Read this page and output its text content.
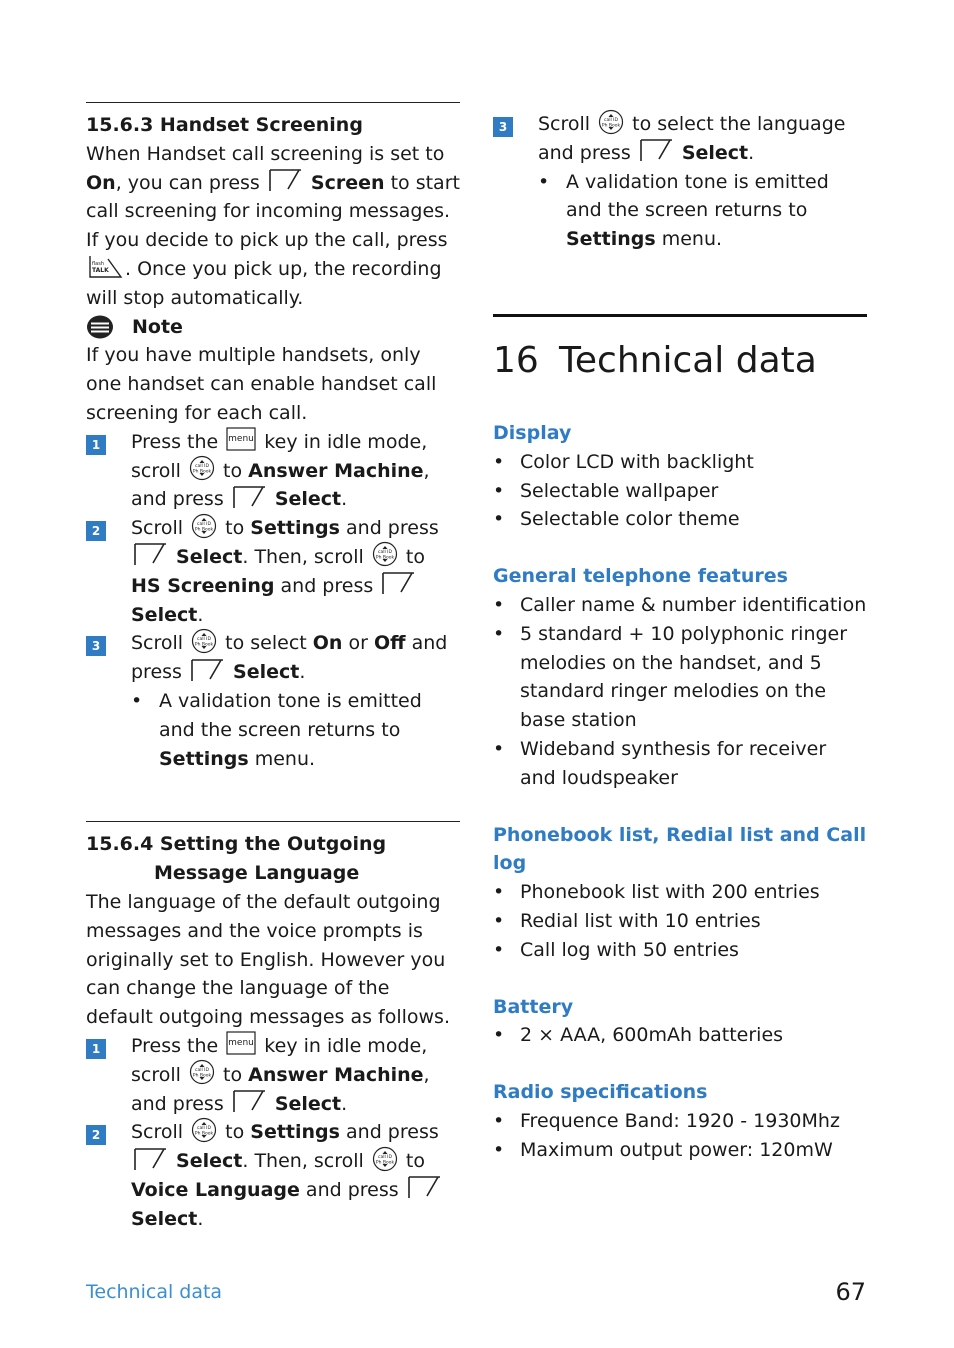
15.6.3 Handset Screening

When Handset call screening is set to On, you can press  Screen to start call screening for incoming messages. If you decide to pick up the call, press
flash
TALK . Once you pick up, the recording will stop automatically.

Note

If you have multiple handsets, only one handset can enable handset call screening for each call.

1	Press the menu key in idle mode, scroll call ID
Ph Book to Answer Machine, and press  Select.
2	Scroll call ID
Ph Book to Settings and press
Select. Then, scroll call ID
Ph Book to HS Screening and press  Select.
3	Scroll call ID
Ph Book to select On or Off and press  Select.
• A validation tone is emitted and the screen returns to Settings menu.

15.6.4 Setting the Outgoing
Message Language

The language of the default outgoing messages and the voice prompts is originally set to English. However you can change the language of the default outgoing messages as follows.

1	Press the menu key in idle mode, scroll call ID
Ph Book to Answer Machine, and press  Select.
2	Scroll call ID
Ph Book to Settings and press
Select. Then, scroll call ID
Ph Book to
Voice Language and press
Select.
3	Scroll call ID
Ph Book to select the language and press  Select.
• A validation tone is emitted and the screen returns to Settings menu.
16 Technical data
Display
• Color LCD with backlight
• Selectable wallpaper
• Selectable color theme
General telephone features
• Caller name & number identification
• 5 standard + 10 polyphonic ringer melodies on the handset, and 5 standard ringer melodies on the base station
• Wideband synthesis for receiver and loudspeaker
Phonebook list, Redial list and Call log
• Phonebook list with 200 entries
• Redial list with 10 entries
• Call log with 50 entries
Battery
• 2 × AAA, 600mAh batteries
Radio specifications
• Frequence Band: 1920 - 1930Mhz
• Maximum output power: 120mW
Technical data	67
